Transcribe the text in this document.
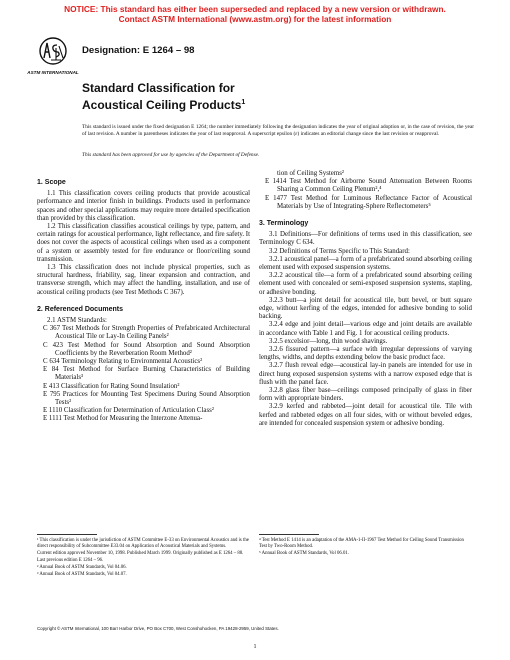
NOTICE: This standard has either been superseded and replaced by a new version or withdrawn.
Contact ASTM International (www.astm.org) for the latest information
ASTM INTERNATIONAL
Designation: E 1264 – 98
Standard Classification for
Acoustical Ceiling Products$^1$
This standard is issued under the fixed designation E 1264; the number immediately following the designation indicates the year of original adoption or, in the case of revision, the year of last revision. A number in parentheses indicates the year of last reapproval. A superscript epsilon (ε) indicates an editorial change since the last revision or reapproval.
This standard has been approved for use by agencies of the Department of Defense.

1. Scope

1.1 This classification covers ceiling products that provide acoustical performance and interior finish in buildings. Products used in performance spaces and other special applications may require more detailed specification than provided by this classification.

1.2 This classification classifies acoustical ceilings by type, pattern, and certain ratings for acoustical performance, light reflectance, and fire safety. It does not cover the aspects of acoustical ceilings when used as a component of a system or assembly tested for fire endurance or floor/ceiling sound transmission.

1.3 This classification does not include physical properties, such as structural hardness, friability, sag, linear expansion and contraction, and transverse strength, which may affect the handling, installation, and use of acoustical ceiling products (see Test Methods C 367).

2. Referenced Documents

2.1 ASTM Standards:

C 367 Test Methods for Strength Properties of Prefabricated Architectural Acoustical Tile or Lay-In Ceiling Panels²

C 423 Test Method for Sound Absorption and Sound Absorption Coefficients by the Reverberation Room Method²

C 634 Terminology Relating to Environmental Acoustics²

E 84 Test Method for Surface Burning Characteristics of Building Materials³

E 413 Classification for Rating Sound Insulation²

E 795 Practices for Mounting Test Specimens During Sound Absorption Tests²

E 1110 Classification for Determination of Articulation Class²

E 1111 Test Method for Measuring the Interzone Attenua-

¹ This classification is under the jurisdiction of ASTM Committee E-33 on Environmental Acoustics and is the direct responsibility of Subcommittee E33.04 on Application of Acoustical Materials and Systems.

Current edition approved November 10, 1998. Published March 1999. Originally published as E 1264 – 88. Last previous edition E 1264 – 96.

² Annual Book of ASTM Standards, Vol 04.06.

³ Annual Book of ASTM Standards, Vol 04.07.

tion of Ceiling Systems²

E 1414 Test Method for Airborne Sound Attenuation Between Rooms Sharing a Common Ceiling Plenum²,⁴

E 1477 Test Method for Luminous Reflectance Factor of Acoustical Materials by Use of Integrating-Sphere Reflectometers⁵

3. Terminology

3.1 Definitions—For definitions of terms used in this classification, see Terminology C 634.

3.2 Definitions of Terms Specific to This Standard:

3.2.1 acoustical panel—a form of a prefabricated sound absorbing ceiling element used with exposed suspension systems.

3.2.2 acoustical tile—a form of a prefabricated sound absorbing ceiling element used with concealed or semi-exposed suspension systems, stapling, or adhesive bonding.

3.2.3 butt—a joint detail for acoustical tile, butt bevel, or butt square edge, without kerfing of the edges, intended for adhesive bonding to solid backing.

3.2.4 edge and joint detail—various edge and joint details are available in accordance with Table 1 and Fig. 1 for acoustical ceiling products.

3.2.5 excelsior—long, thin wood shavings.

3.2.6 fissured pattern—a surface with irregular depressions of varying lengths, widths, and depths extending below the basic product face.

3.2.7 flush reveal edge—acoustical lay-in panels are intended for use in direct hung exposed suspension systems with a narrow exposed edge that is flush with the panel face.

3.2.8 glass fiber base—ceilings composed principally of glass in fiber form with appropriate binders.

3.2.9 kerfed and rabbeted—joint detail for acoustical tile. Tile with kerfed and rabbeted edges on all four sides, with or without beveled edges, are intended for concealed suspension system or adhesive bonding.

⁴ Test Method E 1414 is an adaptation of the AMA-1-II-1967 Test Method for Ceiling Sound Transmission Test by Two-Room Method.

⁵ Annual Book of ASTM Standards, Vol 06.01.

Copyright © ASTM International, 100 Barr Harbor Drive, PO Box C700, West Conshohocken, PA 19428-2959, United States.
1
